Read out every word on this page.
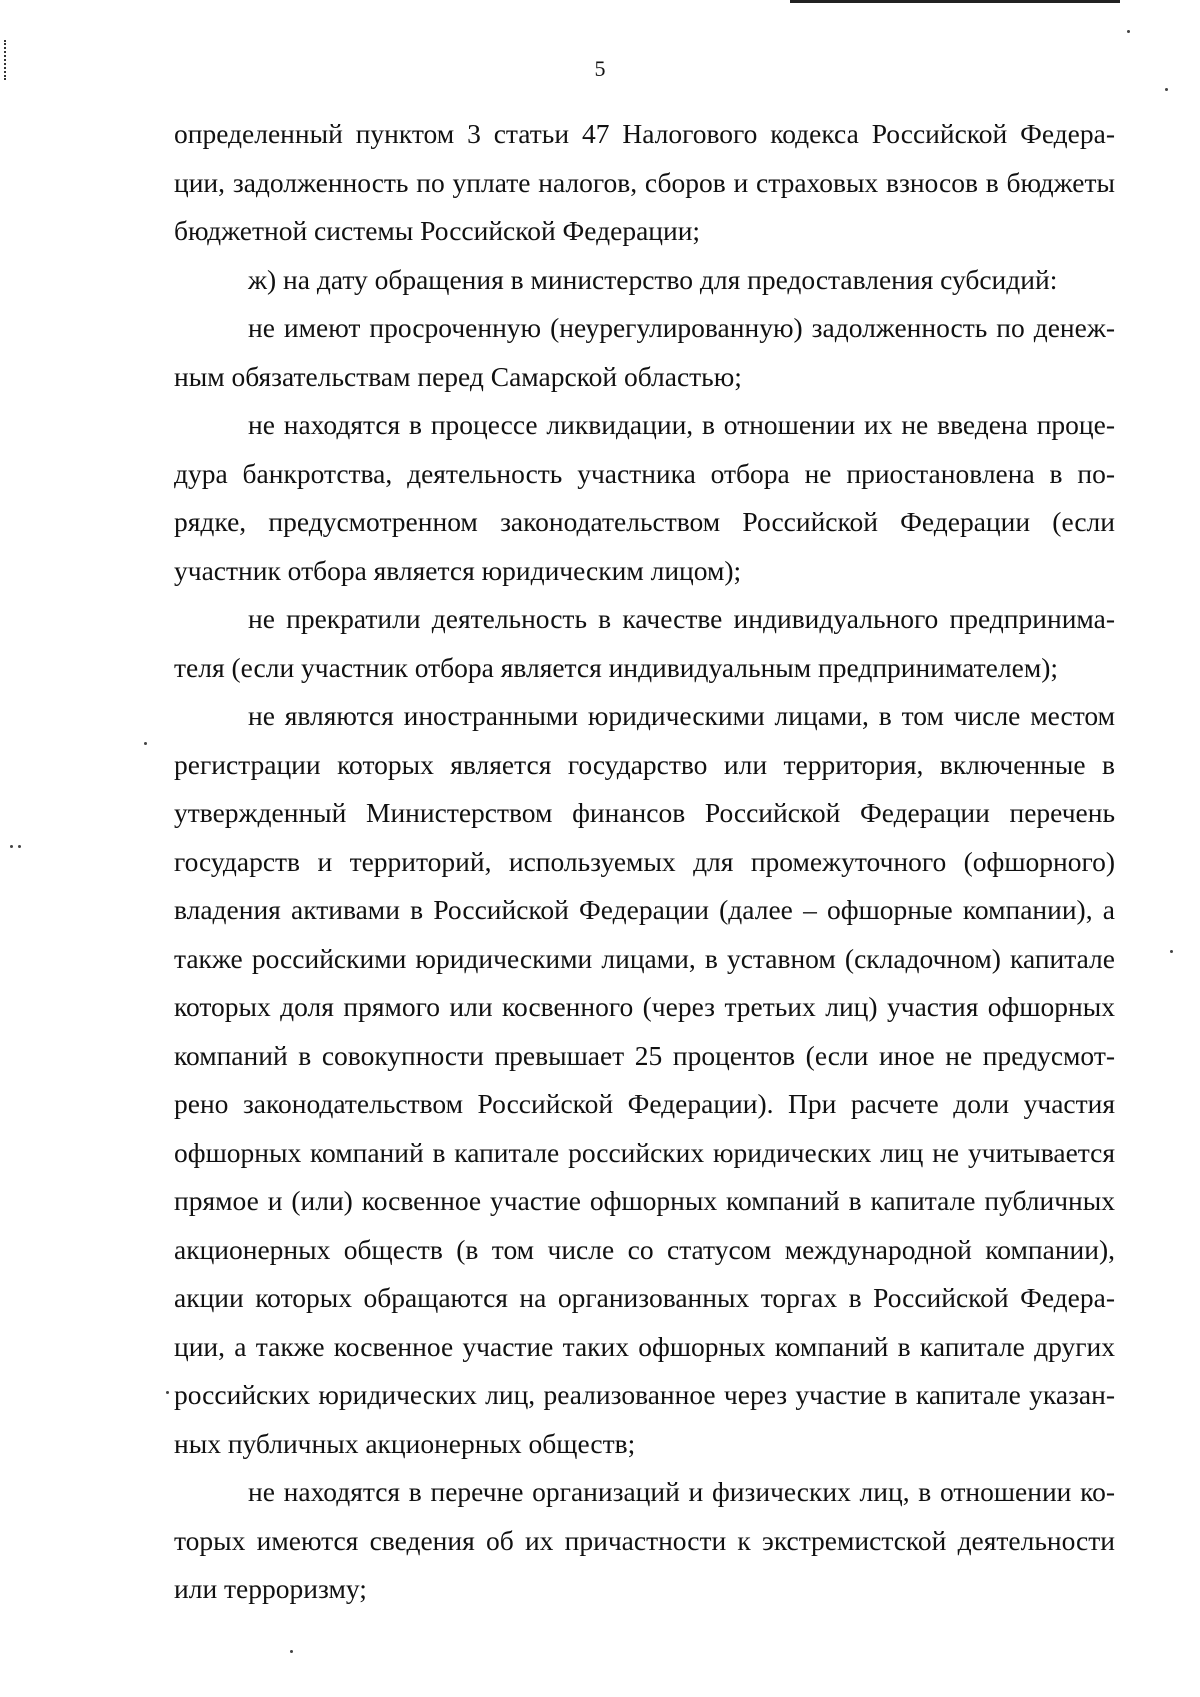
5
определенный пунктом 3 статьи 47 Налогового кодекса Российской Федера-
ции, задолженность по уплате налогов, сборов и страховых взносов в бюджеты
бюджетной системы Российской Федерации;
ж) на дату обращения в министерство для предоставления субсидий:
не имеют просроченную (неурегулированную) задолженность по денеж-
ным обязательствам перед Самарской областью;
не находятся в процессе ликвидации, в отношении их не введена проце-
дура банкротства, деятельность участника отбора не приостановлена в по-
рядке, предусмотренном законодательством Российской Федерации (если
участник отбора является юридическим лицом);
не прекратили деятельность в качестве индивидуального предпринима-
теля (если участник отбора является индивидуальным предпринимателем);
не являются иностранными юридическими лицами, в том числе местом
регистрации которых является государство или территория, включенные в
утвержденный Министерством финансов Российской Федерации перечень
государств и территорий, используемых для промежуточного (офшорного)
владения активами в Российской Федерации (далее – офшорные компании), а
также российскими юридическими лицами, в уставном (складочном) капитале
которых доля прямого или косвенного (через третьих лиц) участия офшорных
компаний в совокупности превышает 25 процентов (если иное не предусмот-
рено законодательством Российской Федерации). При расчете доли участия
офшорных компаний в капитале российских юридических лиц не учитывается
прямое и (или) косвенное участие офшорных компаний в капитале публичных
акционерных обществ (в том числе со статусом международной компании),
акции которых обращаются на организованных торгах в Российской Федера-
ции, а также косвенное участие таких офшорных компаний в капитале других
российских юридических лиц, реализованное через участие в капитале указан-
ных публичных акционерных обществ;
не находятся в перечне организаций и физических лиц, в отношении ко-
торых имеются сведения об их причастности к экстремистской деятельности
или терроризму;
